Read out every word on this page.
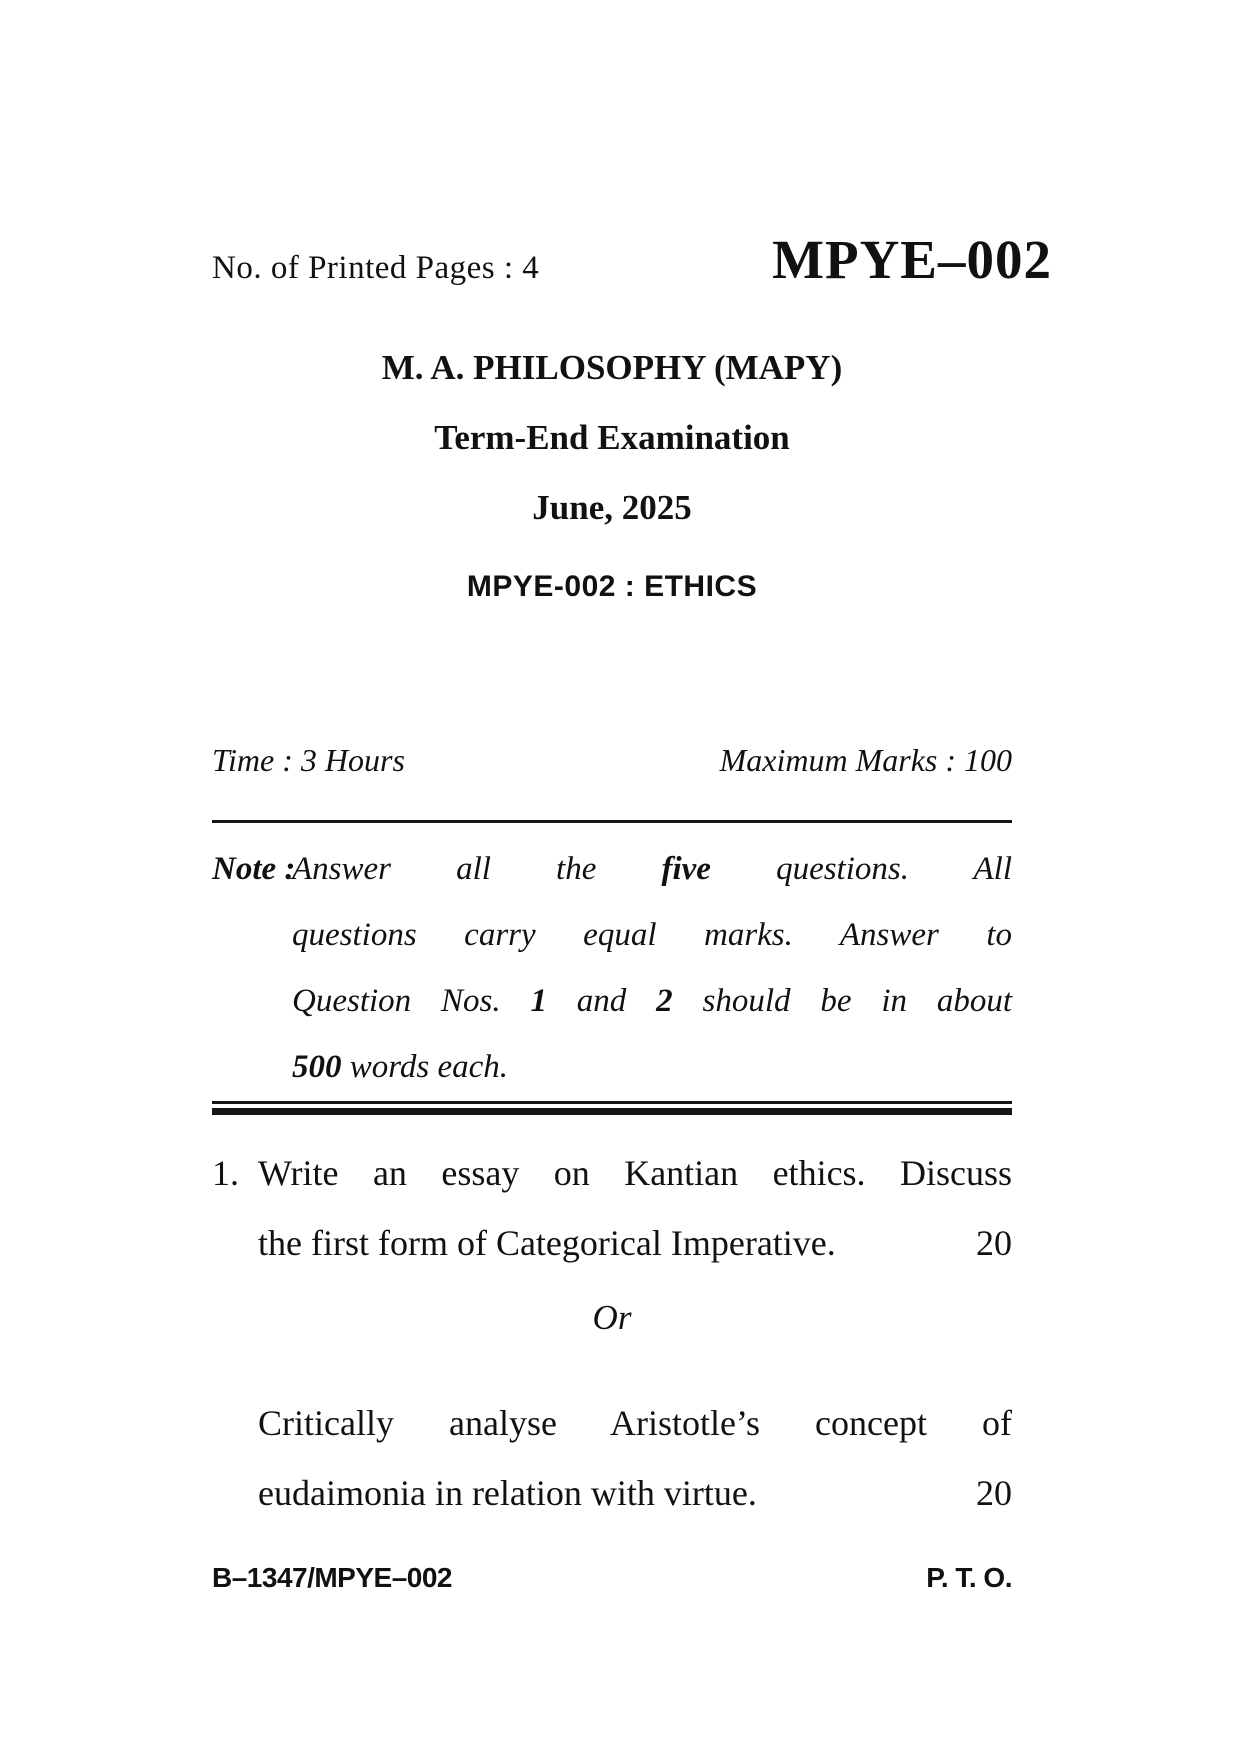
No. of Printed Pages : 4	MPYE–002
M. A. PHILOSOPHY (MAPY)
Term-End Examination
June, 2025
MPYE-002 : ETHICS
Time : 3 Hours	Maximum Marks : 100
Note :
Answer all the five questions. All
questions carry equal marks. Answer to
Question Nos. 1 and 2 should be in about
500 words each.
1. Write an essay on Kantian ethics. Discuss
the first form of Categorical Imperative.	20
Or
Critically analyse Aristotle’s concept of
eudaimonia in relation with virtue.	20
B–1347/MPYE–002	P. T. O.
